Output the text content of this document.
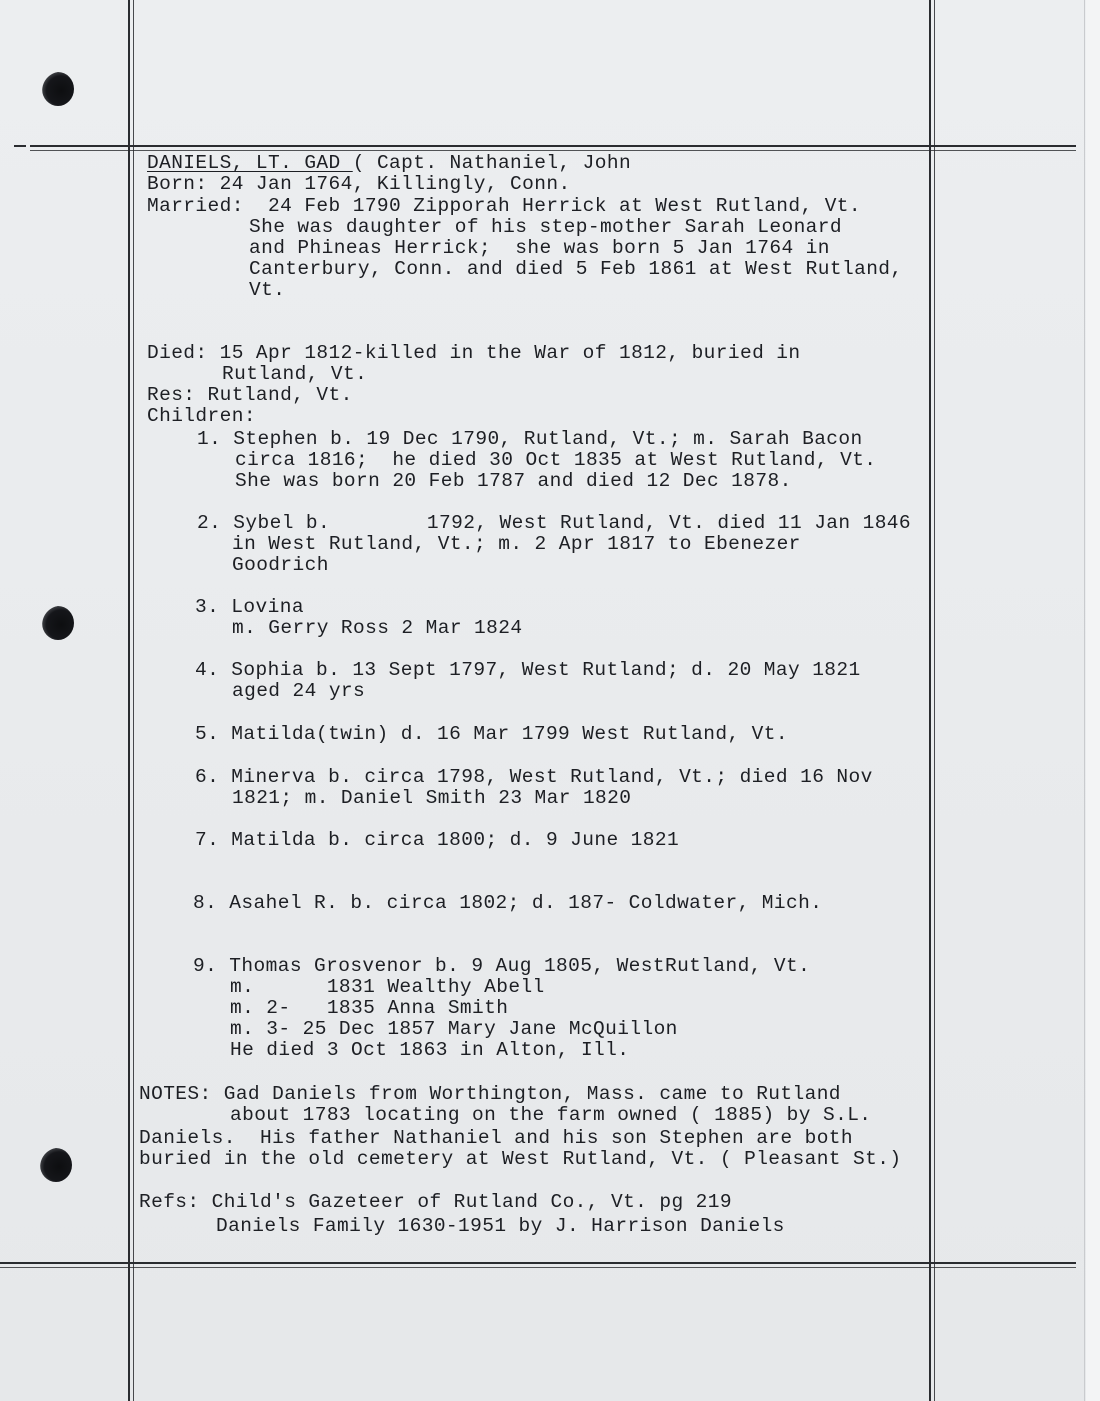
DANIELS, LT. GAD ( Capt. Nathaniel, John
Born: 24 Jan 1764, Killingly, Conn.
Married:  24 Feb 1790 Zipporah Herrick at West Rutland, Vt.
She was daughter of his step-mother Sarah Leonard
and Phineas Herrick;  she was born 5 Jan 1764 in
Canterbury, Conn. and died 5 Feb 1861 at West Rutland,
Vt.
Died: 15 Apr 1812-killed in the War of 1812, buried in
Rutland, Vt.
Res: Rutland, Vt.
Children:
1. Stephen b. 19 Dec 1790, Rutland, Vt.; m. Sarah Bacon
circa 1816;  he died 30 Oct 1835 at West Rutland, Vt.
She was born 20 Feb 1787 and died 12 Dec 1878.
2. Sybel b.        1792, West Rutland, Vt. died 11 Jan 1846
in West Rutland, Vt.; m. 2 Apr 1817 to Ebenezer
Goodrich
3. Lovina
m. Gerry Ross 2 Mar 1824
4. Sophia b. 13 Sept 1797, West Rutland; d. 20 May 1821
aged 24 yrs
5. Matilda(twin) d. 16 Mar 1799 West Rutland, Vt.
6. Minerva b. circa 1798, West Rutland, Vt.; died 16 Nov
1821; m. Daniel Smith 23 Mar 1820
7. Matilda b. circa 1800; d. 9 June 1821
8. Asahel R. b. circa 1802; d. 187- Coldwater, Mich.
9. Thomas Grosvenor b. 9 Aug 1805, WestRutland, Vt.
m.      1831 Wealthy Abell
m. 2-   1835 Anna Smith
m. 3- 25 Dec 1857 Mary Jane McQuillon
He died 3 Oct 1863 in Alton, Ill.
NOTES: Gad Daniels from Worthington, Mass. came to Rutland
about 1783 locating on the farm owned ( 1885) by S.L.
Daniels.  His father Nathaniel and his son Stephen are both
buried in the old cemetery at West Rutland, Vt. ( Pleasant St.)
Refs: Child's Gazeteer of Rutland Co., Vt. pg 219
Daniels Family 1630-1951 by J. Harrison Daniels
